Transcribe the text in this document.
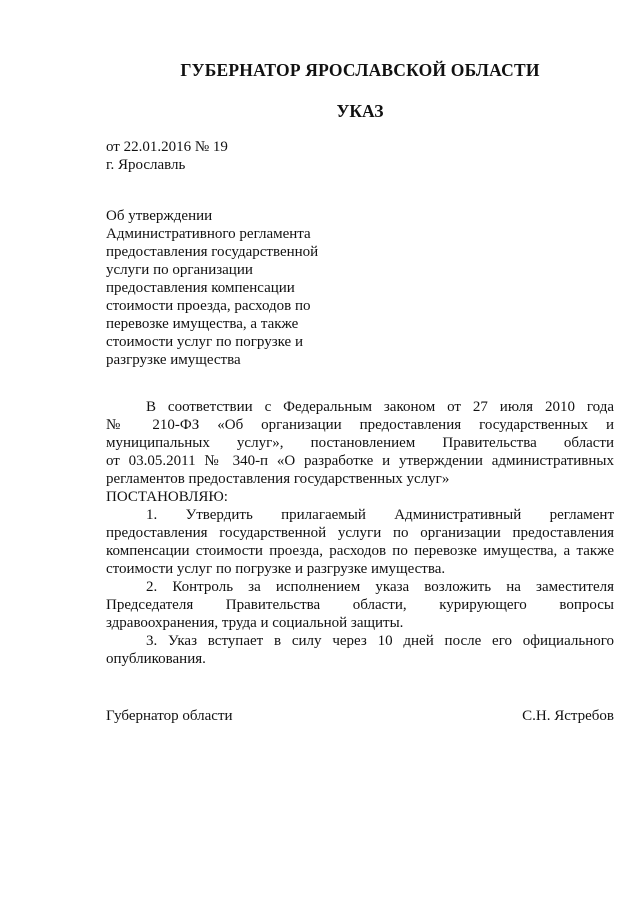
ГУБЕРНАТОР ЯРОСЛАВСКОЙ ОБЛАСТИ
УКАЗ
от 22.01.2016 № 19
г. Ярославль
Об утверждении
Административного регламента
предоставления государственной
услуги по организации
предоставления компенсации
стоимости проезда, расходов по
перевозке имущества, а также
стоимости услуг по погрузке и
разгрузке имущества
В соответствии с Федеральным законом от 27 июля 2010 года
№ 210-ФЗ «Об организации предоставления государственных и
муниципальных услуг», постановлением Правительства области
от 03.05.2011 № 340-п «О разработке и утверждении административных
регламентов предоставления государственных услуг»
ПОСТАНОВЛЯЮ:
1. Утвердить прилагаемый Административный регламент
предоставления государственной услуги по организации предоставления
компенсации стоимости проезда, расходов по перевозке имущества, а также
стоимости услуг по погрузке и разгрузке имущества.
2. Контроль за исполнением указа возложить на заместителя
Председателя Правительства области, курирующего вопросы
здравоохранения, труда и социальной защиты.
3. Указ вступает в силу через 10 дней после его официального
опубликования.
Губернатор области	С.Н. Ястребов
